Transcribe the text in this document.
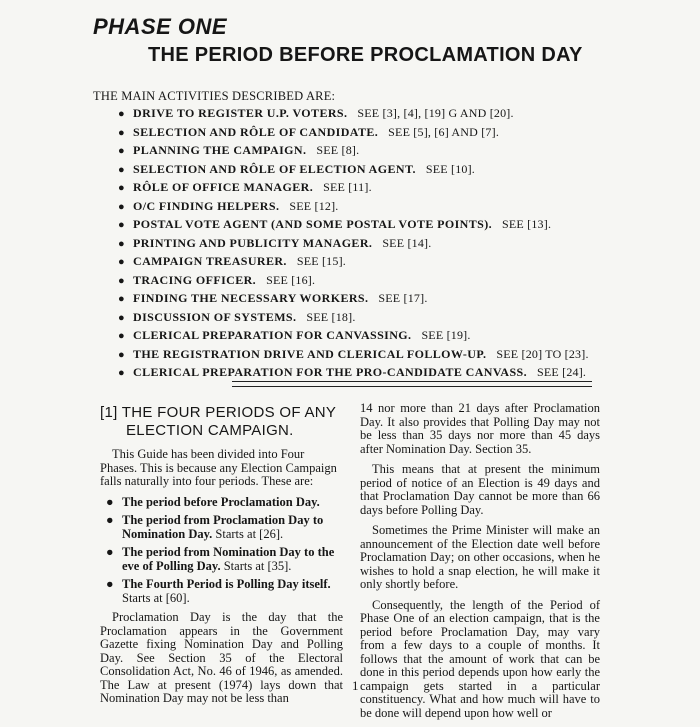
PHASE ONE
THE PERIOD BEFORE PROCLAMATION DAY
THE MAIN ACTIVITIES DESCRIBED ARE:
● DRIVE TO REGISTER U.P. VOTERS. SEE [3], [4], [19] G AND [20].
● SELECTION AND RÔLE OF CANDIDATE. SEE [5], [6] AND [7].
● PLANNING THE CAMPAIGN. SEE [8].
● SELECTION AND RÔLE OF ELECTION AGENT. SEE [10].
● RÔLE OF OFFICE MANAGER. SEE [11].
● O/C FINDING HELPERS. SEE [12].
● POSTAL VOTE AGENT (AND SOME POSTAL VOTE POINTS). SEE [13].
● PRINTING AND PUBLICITY MANAGER. SEE [14].
● CAMPAIGN TREASURER. SEE [15].
● TRACING OFFICER. SEE [16].
● FINDING THE NECESSARY WORKERS. SEE [17].
● DISCUSSION OF SYSTEMS. SEE [18].
● CLERICAL PREPARATION FOR CANVASSING. SEE [19].
● THE REGISTRATION DRIVE AND CLERICAL FOLLOW-UP. SEE [20] TO [23].
● CLERICAL PREPARATION FOR THE PRO-CANDIDATE CANVASS. SEE [24].
[1] THE FOUR PERIODS OF ANY
ELECTION CAMPAIGN.

This Guide has been divided into Four Phases. This is because any Election Campaign falls naturally into four periods. These are:

● The period before Proclamation Day.
● The period from Proclamation Day to Nomination Day. Starts at [26].
● The period from Nomination Day to the eve of Polling Day. Starts at [35].
● The Fourth Period is Polling Day itself. Starts at [60].

Proclamation Day is the day that the Proclamation appears in the Government Gazette fixing Nomination Day and Polling Day. See Section 35 of the Electoral Consolidation Act, No. 46 of 1946, as amended. The Law at present (1974) lays down that Nomination Day may not be less than

14 nor more than 21 days after Proclamation Day. It also provides that Polling Day may not be less than 35 days nor more than 45 days after Nomination Day. Section 35.

This means that at present the minimum period of notice of an Election is 49 days and that Proclamation Day cannot be more than 66 days before Polling Day.

Sometimes the Prime Minister will make an announcement of the Election date well before Proclamation Day; on other occasions, when he wishes to hold a snap election, he will make it only shortly before.

Consequently, the length of the Period of Phase One of an election campaign, that is the period before Proclamation Day, may vary from a few days to a couple of months. It follows that the amount of work that can be done in this period depends upon how early the campaign gets started in a particular constituency. What and how much will have to be done will depend upon how well or

1
